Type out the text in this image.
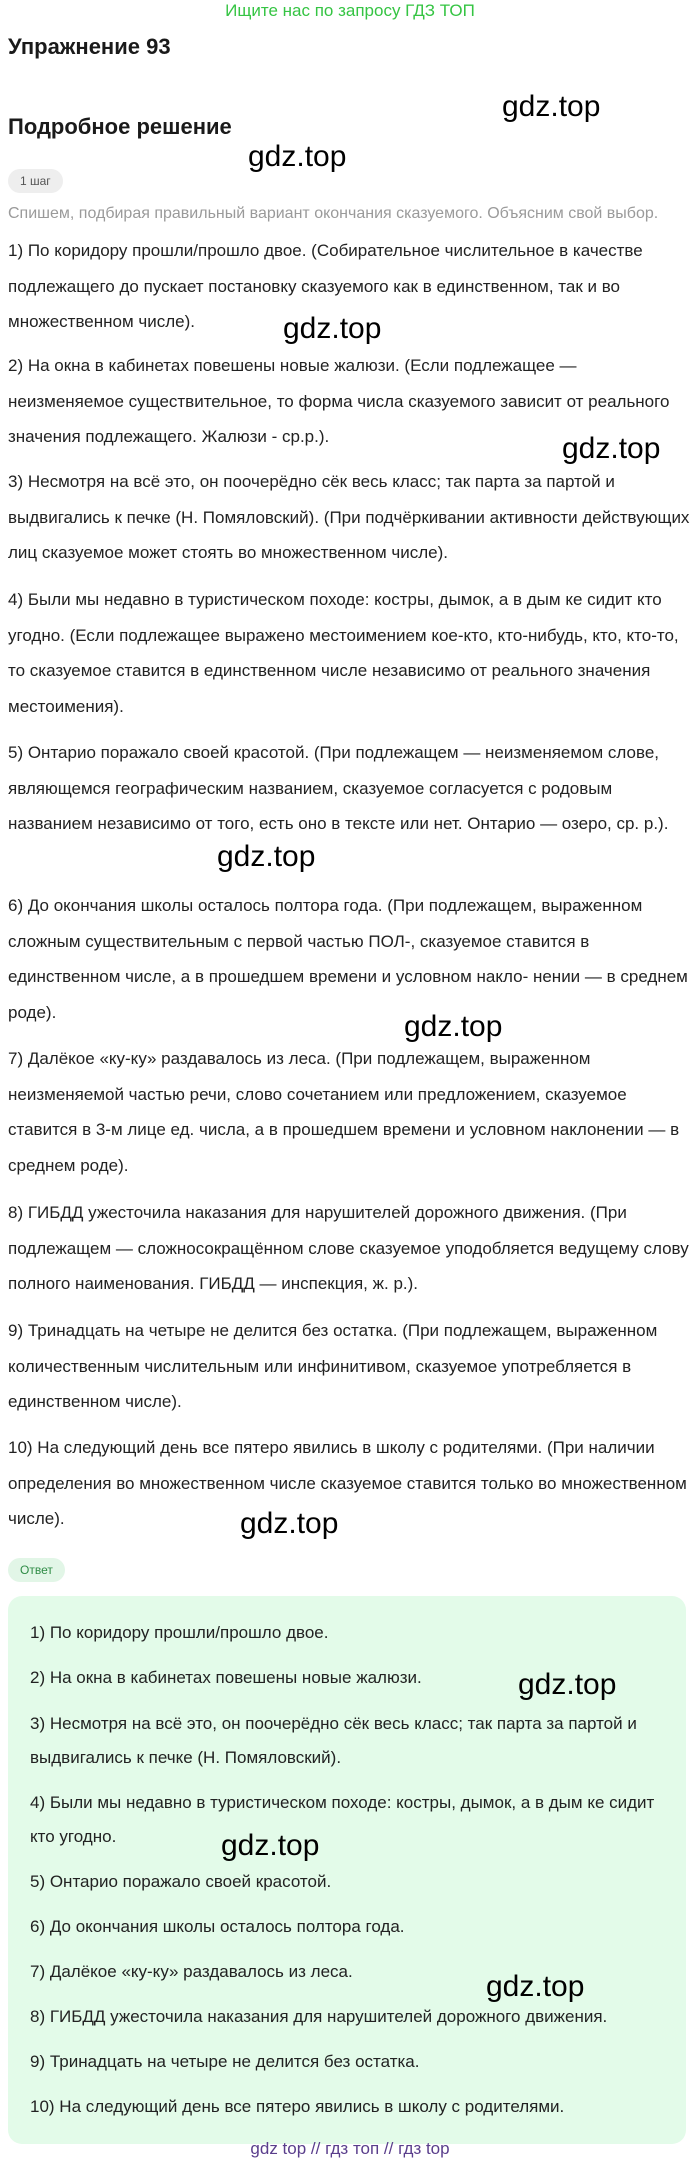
Ищите нас по запросу ГДЗ ТОП
Упражнение 93
Подробное решение
gdz.top
gdz.top
gdz.top
gdz.top
gdz.top
gdz.top
gdz.top
1 шаг
Спишем, подбирая правильный вариант окончания сказуемого. Объясним свой выбор.
1) По коридору прошли/прошло двое. (Собирательное числительное в качестве подлежащего до пускает постановку сказуемого как в единственном, так и во множественном числе).
2) На окна в кабинетах повешены новые жалюзи. (Если подлежащее — неизменяемое существительное, то форма числа сказуемого зависит от реального значения подлежащего. Жалюзи - ср.р.).
3) Несмотря на всё это, он поочерёдно сёк весь класс; так парта за партой и выдвигались к печке (Н. Помяловский). (При подчёркивании активности действующих лиц сказуемое может стоять во множественном числе).
4) Были мы недавно в туристическом походе: костры, дымок, а в дым ке сидит кто угодно. (Если подлежащее выражено местоимением кое-кто, кто-нибудь, кто, кто-то, то сказуемое ставится в единственном числе независимо от реального значения местоимения).
5) Онтарио поражало своей красотой. (При подлежащем — неизменяемом слове, являющемся географическим названием, сказуемое согласуется с родовым названием независимо от того, есть оно в тексте или нет. Онтарио — озеро, ср. р.).
6) До окончания школы осталось полтора года. (При подлежащем, выраженном сложным существительным с первой частью ПОЛ-, сказуемое ставится в единственном числе, а в прошедшем времени и условном накло- нении — в среднем роде).
7) Далёкое «ку-ку» раздавалось из леса. (При подлежащем, выраженном неизменяемой частью речи, слово сочетанием или предложением, сказуемое ставится в 3-м лице ед. числа, а в прошедшем времени и условном наклонении — в среднем роде).
8) ГИБДД ужесточила наказания для нарушителей дорожного движения. (При подлежащем — сложносокращённом слове сказуемое уподобляется ведущему слову полного наименования. ГИБДД — инспекция, ж. р.).
9) Тринадцать на четыре не делится без остатка. (При подлежащем, выраженном количественным числительным или инфинитивом, сказуемое употребляется в единственном числе).
10) На следующий день все пятеро явились в школу с родителями. (При наличии определения во множественном числе сказуемое ставится только во множественном числе).
Ответ
1) По коридору прошли/прошло двое.
2) На окна в кабинетах повешены новые жалюзи.
3) Несмотря на всё это, он поочерёдно сёк весь класс; так парта за партой и выдвигались к печке (Н. Помяловский).
4) Были мы недавно в туристическом походе: костры, дымок, а в дым ке сидит кто угодно.
5) Онтарио поражало своей красотой.
6) До окончания школы осталось полтора года.
7) Далёкое «ку-ку» раздавалось из леса.
8) ГИБДД ужесточила наказания для нарушителей дорожного движения.
9) Тринадцать на четыре не делится без остатка.
10) На следующий день все пятеро явились в школу с родителями.
gdz.top
gdz.top
gdz.top
gdz top // гдз топ // гдз top
